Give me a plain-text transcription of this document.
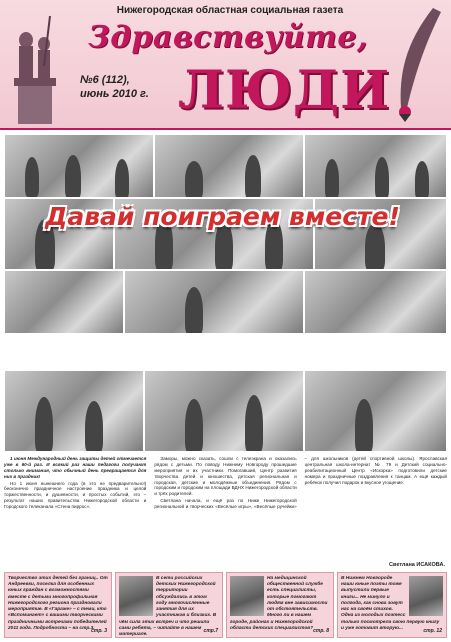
Нижегородская областная социальная газета
Здравствуйте,
№6 (112),
июнь 2010 г. ЛЮДИ
Давай поиграем вместе!

1 июня Международный день защиты детей отмечается уже в 60-й раз. И всякий раз наши педагоги получают столько внимания, что обычный день превращается для них в праздник!

Но 1 июня нынешнего года (в это не предварительно!) бесконечно праздничное настроение праздника и целой торжественности, и душевности, и простых событий, это – результат наших правительства Нижегородской области и Городского телеканала «Стена пиррос».

Заморы, можно сказать, сошли с телеэкрана и оказались рядом с детьми. По поводу Нижнему Новгороду прошедшие мероприятия и их участники. Помогавший, Центр развития творчества детей и юношества, детская региональная и городская, детские и молодёжные объединения. Рядом с городским и городским на площади ВДНХ Нижегородской области и трёх родителей.

Светлана начала, и ещё раз по Ниже Нижегородской региональной и творческих «Весёлые игры», «Весёлые ручейки» – для школьников (детей спортивной школы). Ярославская центральная школа-интернат № 79 и Детский социально-реабилитационный Центр «Искорка» подготовили детские номера и праздничные поздравления к танцам. А ещё каждый ребёнок получил подарок и вкусное угощение.

Светлана ИСАКОВА.
Творчество этих детей без границ.. От Андреевки, поселка для особенных юных граждан с возможностями вместе с детьми многопрофильная Нижегородского региона праздновали мероприятие. В «Гараже» – с теми, кто «Вспоминает» с вашими творческими праздничными встречами победителей 2011 года. Подробности – на стр.3.
стр. 3
В сети российских детских Нижегородской территории обсуждались в этом году многочисленные занятия для их участников и близких. В чём сила этих встреч и что решили сами ребята, – читайте в нашем материале.
стр.7
На медицинской общественной службе есть специалисты, которые помогают людям вне зависимости от обстоятельств. Много ли в нашем городе, районах и Нижегородской области детских специалистов? стр. 8
В Нижнем Новгороде наши юные поэты тоже выпустили первые книги... Не минуло и полгода, как снова зовут нас на своём стихов. Одна из молодых поэтесс только посмотрела свою первую книгу и уже готовит вторую...	стр. 12
